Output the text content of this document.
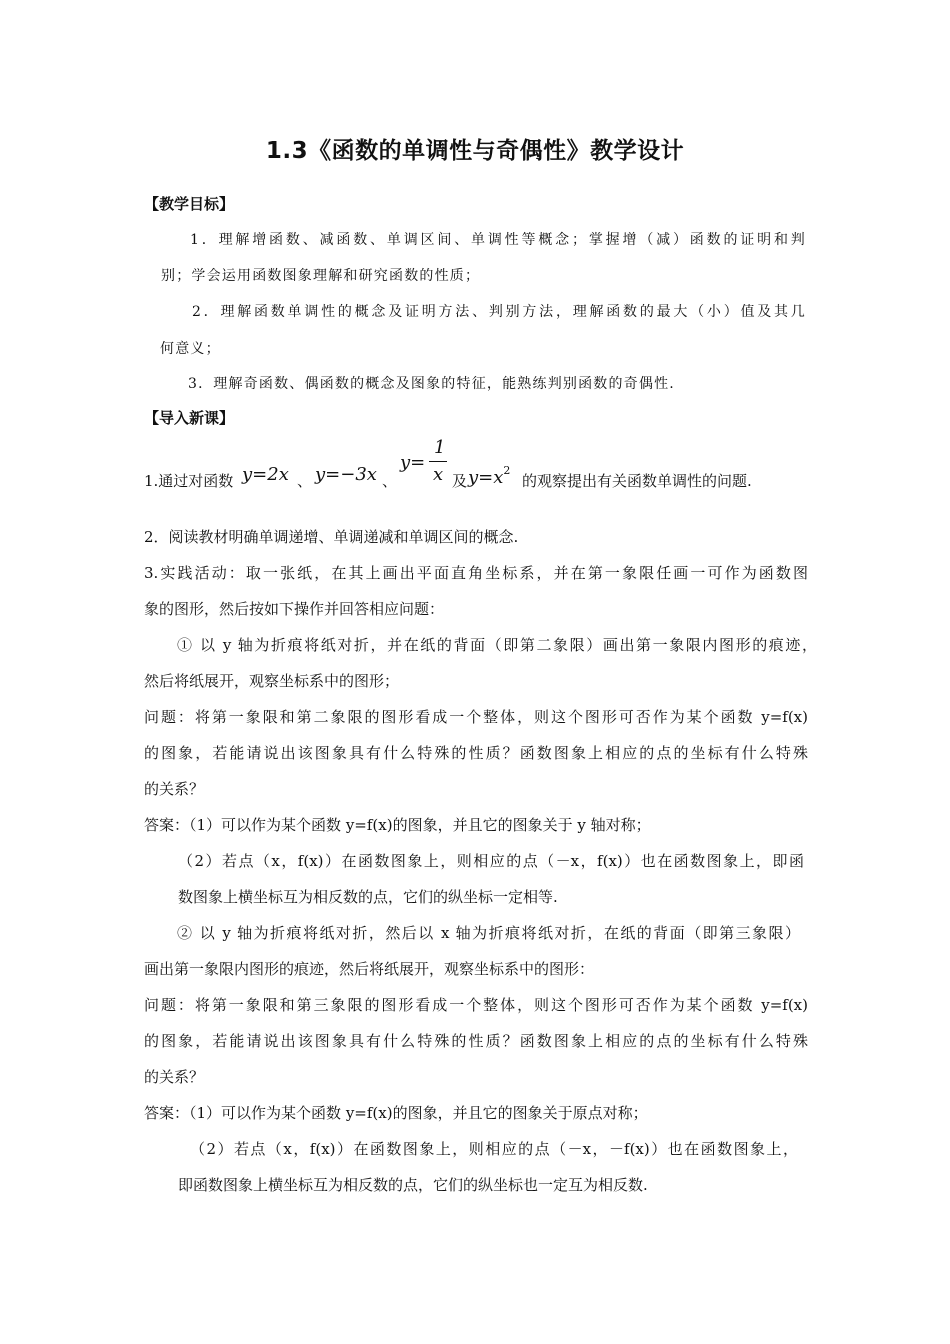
1.3《函数的单调性与奇偶性》教学设计
【教学目标】
1．理解增函数、减函数、单调区间、单调性等概念；掌握增（减）函数的证明和判
别；学会运用函数图象理解和研究函数的性质；
2．理解函数单调性的概念及证明方法、判别方法，理解函数的最大（小）值及其几
何意义；
3．理解奇函数、偶函数的概念及图象的特征，能熟练判别函数的奇偶性.
【导入新课】
1.通过对函数 y=2x 、 y=−3x 、
y=
1
x 及 $y=x^2$
的观察提出有关函数单调性的问题.
2．阅读教材明确单调递增、单调递减和单调区间的概念.
3.实践活动：取一张纸，在其上画出平面直角坐标系，并在第一象限任画一可作为函数图
象的图形，然后按如下操作并回答相应问题：
① 以 y 轴为折痕将纸对折，并在纸的背面（即第二象限）画出第一象限内图形的痕迹，
然后将纸展开，观察坐标系中的图形；
问题：将第一象限和第二象限的图形看成一个整体，则这个图形可否作为某个函数 y=f(x)
的图象，若能请说出该图象具有什么特殊的性质？函数图象上相应的点的坐标有什么特殊
的关系？
答案：（1）可以作为某个函数 y=f(x)的图象，并且它的图象关于 y 轴对称；
（2）若点（x，f(x)）在函数图象上，则相应的点（－x，f(x)）也在函数图象上，即函
数图象上横坐标互为相反数的点，它们的纵坐标一定相等.
② 以 y 轴为折痕将纸对折，然后以 x 轴为折痕将纸对折，在纸的背面（即第三象限）
画出第一象限内图形的痕迹，然后将纸展开，观察坐标系中的图形：
问题：将第一象限和第三象限的图形看成一个整体，则这个图形可否作为某个函数 y=f(x)
的图象，若能请说出该图象具有什么特殊的性质？函数图象上相应的点的坐标有什么特殊
的关系？
答案：（1）可以作为某个函数 y=f(x)的图象，并且它的图象关于原点对称；
（2）若点（x，f(x)）在函数图象上，则相应的点（－x，－f(x)）也在函数图象上，
即函数图象上横坐标互为相反数的点，它们的纵坐标也一定互为相反数.
